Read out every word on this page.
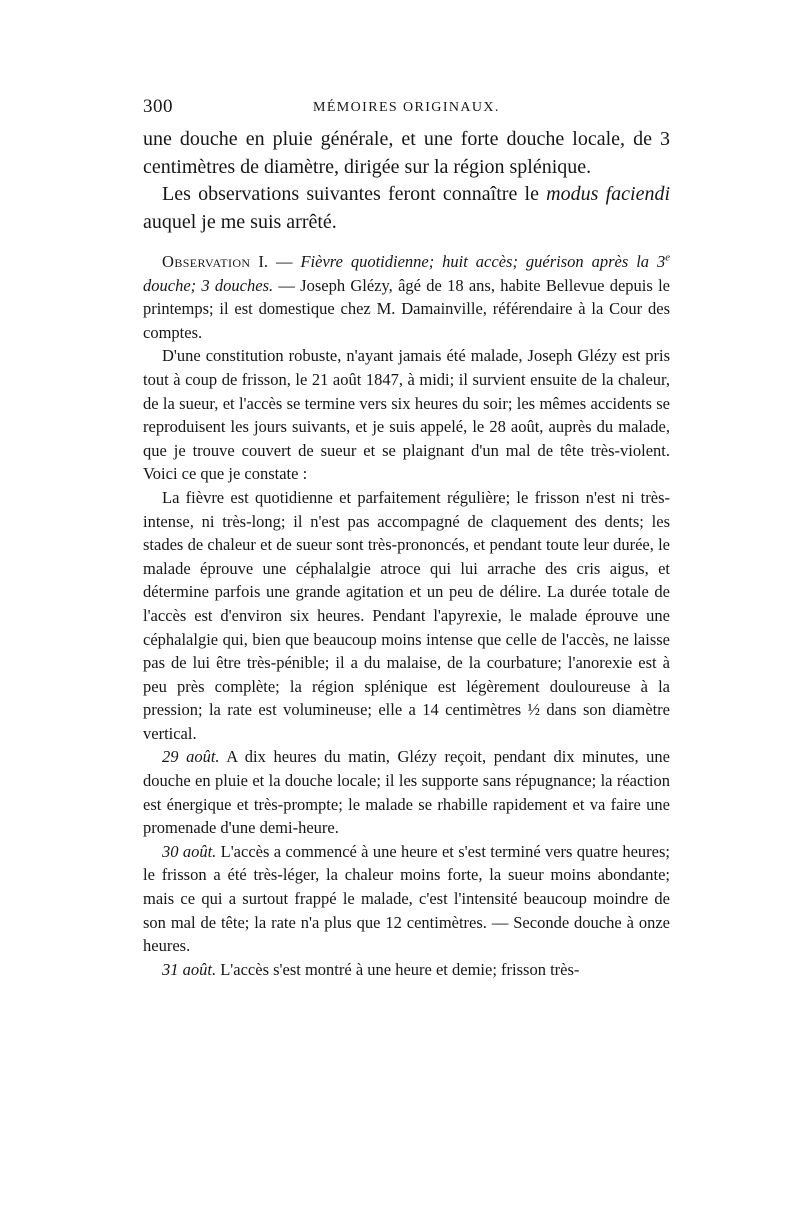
300	MÉMOIRES ORIGINAUX.

une douche en pluie générale, et une forte douche locale, de 3 centimètres de diamètre, dirigée sur la région splénique.

Les observations suivantes feront connaître le modus faciendi auquel je me suis arrêté.

Observation I. — Fièvre quotidienne; huit accès; guérison après la 3e douche; 3 douches. — Joseph Glézy, âgé de 18 ans, habite Bellevue depuis le printemps; il est domestique chez M. Damainville, référendaire à la Cour des comptes.

D'une constitution robuste, n'ayant jamais été malade, Joseph Glézy est pris tout à coup de frisson, le 21 août 1847, à midi; il survient ensuite de la chaleur, de la sueur, et l'accès se termine vers six heures du soir; les mêmes accidents se reproduisent les jours suivants, et je suis appelé, le 28 août, auprès du malade, que je trouve couvert de sueur et se plaignant d'un mal de tête très-violent. Voici ce que je constate :

La fièvre est quotidienne et parfaitement régulière; le frisson n'est ni très-intense, ni très-long; il n'est pas accompagné de claquement des dents; les stades de chaleur et de sueur sont très-prononcés, et pendant toute leur durée, le malade éprouve une céphalalgie atroce qui lui arrache des cris aigus, et détermine parfois une grande agitation et un peu de délire. La durée totale de l'accès est d'environ six heures. Pendant l'apyrexie, le malade éprouve une céphalalgie qui, bien que beaucoup moins intense que celle de l'accès, ne laisse pas de lui être très-pénible; il a du malaise, de la courbature; l'anorexie est à peu près complète; la région splénique est légèrement douloureuse à la pression; la rate est volumineuse; elle a 14 centimètres ½ dans son diamètre vertical.

29 août. A dix heures du matin, Glézy reçoit, pendant dix minutes, une douche en pluie et la douche locale; il les supporte sans répugnance; la réaction est énergique et très-prompte; le malade se rhabille rapidement et va faire une promenade d'une demi-heure.

30 août. L'accès a commencé à une heure et s'est terminé vers quatre heures; le frisson a été très-léger, la chaleur moins forte, la sueur moins abondante; mais ce qui a surtout frappé le malade, c'est l'intensité beaucoup moindre de son mal de tête; la rate n'a plus que 12 centimètres. — Seconde douche à onze heures.

31 août. L'accès s'est montré à une heure et demie; frisson très-
